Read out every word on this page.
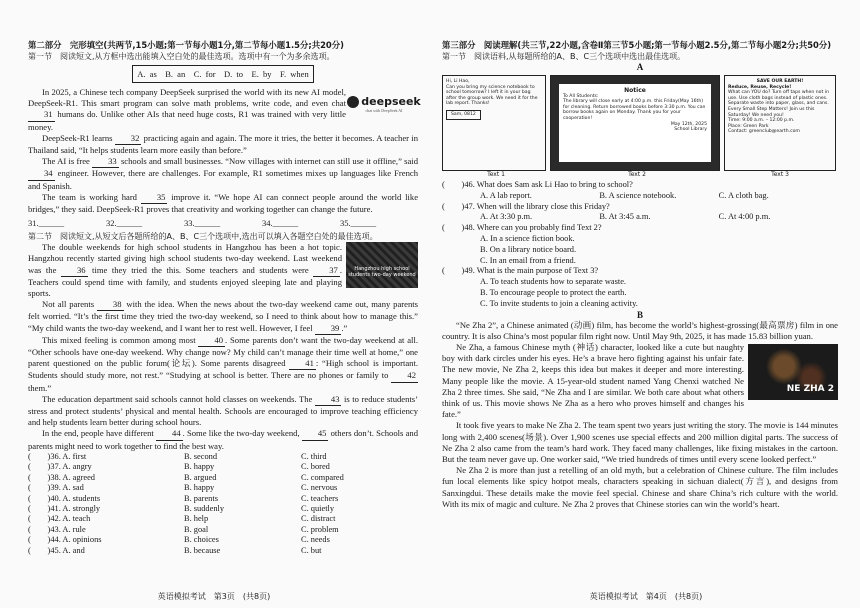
第二部分　完形填空(共两节,15小题;第一节每小题1分,第二节每小题1.5分;共20分)
第一节　阅读短文,从方框中选出能填入空白处的最佳选项。选项中有一个为多余选项。
A. as　B. an　C. for　D. to　E. by　F. when
deepseek
chat with DeepSeek AI

In 2025, a Chinese tech company DeepSeek surprised the world with its new AI model, DeepSeek-R1. This smart program can solve math problems, write code, and even chat 31 humans do. Unlike other AIs that need huge costs, R1 was trained with very little money.

DeepSeek-R1 learns 32 practicing again and again. The more it tries, the better it becomes. A teacher in Thailand said, “It helps students learn more easily than before.”

The AI is free 33 schools and small businesses. “Now villages with internet can still use it offline,” said 34 engineer. However, there are challenges. For example, R1 sometimes mixes up languages like French and Spanish.

The team is working hard 35 improve it. “We hope AI can connect people around the world like bridges,” they said. DeepSeek-R1 proves that creativity and working together can change the future.

31.______	32.______	33.______	34.______	35.______
第二节　阅读短文,从短文后各题所给的A、B、C三个选项中,选出可以填入各题空白处的最佳选项。
Hangzhou high school students two-day weekend

The double weekends for high school students in Hangzhou has been a hot topic. Hangzhou recently started giving high school students two-day weekend. Last weekend was the 36 time they tried the this. Some teachers and students were 37 . Teachers could spend time with family, and students enjoyed sleeping late and playing sports.

Not all parents 38 with the idea. When the news about the two-day weekend came out, many parents felt worried. “It’s the first time they tried the two-day weekend, so I need to think about how to manage this.” “My child wants the two-day weekend, and I want her to rest well. However, I feel 39 .”

This mixed feeling is common among most 40 . Some parents don’t want the two-day weekend at all. “Other schools have one-day weekend. Why change now? My child can’t manage their time well at home,” one parent questioned on the public forum(论坛). Some parents disagreed 41 : “High school is important. Students should study more, not rest.” “Studying at school is better. There are no phones or family to 42 them.”

The education department said schools cannot hold classes on weekends. The 43 is to reduce students’ stress and protect students’ physical and mental health. Schools are encouraged to improve teaching efficiency and help students learn better during school hours.

In the end, people have different 44 . Some like the two-day weekend, 45 others don’t. Schools and parents might need to work together to find the best way.

(　　)36. A. first	B. second	C. third
(　　)37. A. angry	B. happy	C. bored
(　　)38. A. agreed	B. argued	C. compared
(　　)39. A. sad	B. happy	C. nervous
(　　)40. A. students	B. parents	C. teachers
(　　)41. A. strongly	B. suddenly	C. quietly
(　　)42. A. teach	B. help	C. distract
(　　)43. A. rule	B. goal	C. problem
(　　)44. A. opinions	B. choices	C. needs
(　　)45. A. and	B. because	C. but
英语模拟考试　第3页　(共8页)
第三部分　阅读理解(共三节,22小题,含卷Ⅱ第三节5小题;第一节每小题2.5分,第二节每小题2分;共50分)
第一节　阅读语料,从每题所给的A、B、C三个选项中选出最佳选项。
A
Hi, Li Hao,
Can you bring my science notebook to school tomorrow? I left it in your bag after the group work. We need it for the lab report. Thanks!
Sam, 0812
Notice
To All Students:
The library will close early at 4:00 p.m. this Friday(May 16th) for cleaning. Return borrowed books before 3:30 p.m. You can borrow books again on Monday. Thank you for your cooperation!
May 12th, 2025
School Library
SAVE OUR EARTH!
Reduce, Reuse, Recycle!
What can YOU do? Turn off taps when not in use. Use cloth bags instead of plastic ones. Separate waste into paper, glass, and cans. Every Small Step Matters! Join us this Saturday! We need you!
Time: 9:00 a.m. – 12:00 p.m.
Place: Green Park
Contact: greenclub@earth.com
Text 1	Text 2	Text 3
(　　)46. What does Sam ask Li Hao to bring to school?
A. A lab report.	B. A science notebook.	C. A cloth bag.
(　　)47. When will the library close this Friday?
A. At 3:30 p.m.	B. At 3:45 a.m.	C. At 4:00 p.m.
(　　)48. Where can you probably find Text 2?
A. In a science fiction book.
B. On a library notice board.
C. In an email from a friend.
(　　)49. What is the main purpose of Text 3?
A. To teach students how to separate waste.
B. To encourage people to protect the earth.
C. To invite students to join a cleaning activity.
B

“Ne Zha 2”, a Chinese animated (动画) film, has become the world’s highest-grossing(最高票房) film in one country. It is also China’s most popular film right now. Until May 9th, 2025, it has made 15.83 billion yuan.

NE ZHA 2

Ne Zha, a famous Chinese myth (神话) character, looked like a cute but naughty boy with dark circles under his eyes. He’s a brave hero fighting against his unfair fate. The new movie, Ne Zha 2, keeps this idea but makes it deeper and more interesting. Many people like the movie. A 15-year-old student named Yang Chenxi watched Ne Zha 2 three times. She said, “Ne Zha and I are similar. We both care about what others think of us. This movie shows Ne Zha as a hero who proves himself and changes his fate.”

It took five years to make Ne Zha 2. The team spent two years just writing the story. The movie is 144 minutes long with 2,400 scenes(场景). Over 1,900 scenes use special effects and 200 million digital parts. The success of Ne Zha 2 also came from the team’s hard work. They faced many challenges, like fixing mistakes in the cartoon. But the team never gave up. One worker said, “We tried hundreds of times until every scene looked perfect.”

Ne Zha 2 is more than just a retelling of an old myth, but a celebration of Chinese culture. The film includes fun local elements like spicy hotpot meals, characters speaking in sichuan dialect(方言), and designs from Sanxingdui. These details make the movie feel special. Chinese and share China’s rich culture with the world. With its mix of magic and culture. Ne Zha 2 proves that Chinese stories can win the world’s heart.

英语模拟考试　第4页　(共8页)
